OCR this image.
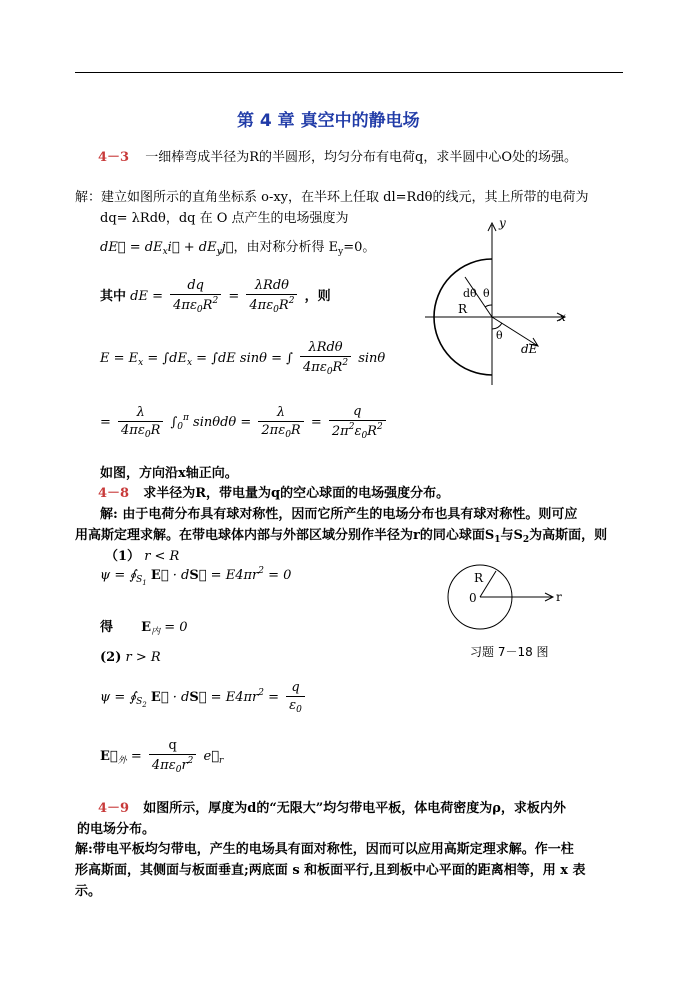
第 4 章 真空中的静电场
4－3 一细棒弯成半径为R的半圆形，均匀分布有电荷q，求半圆中心O处的场强。
解：建立如图所示的直角坐标系 o-xy，在半环上任取 dl=Rdθ的线元，其上所带的电荷为
dq= λRdθ，dq 在 O 点产生的电场强度为
dE⃗ = $dE_xi⃗$ + $dE_yj⃗$，由对称分析得 $E_y=0$。
其中 dE = $\frac{dq}{4\pi\varepsilon_0R^2} = \frac{\text{λRdθ}}{4\pi\varepsilon_0R^2}$ ，则
$E = E_x = \int dE_x = \int dE$ sinθ = ∫ $\frac{\text{λRdθ}}{4\pi\varepsilon_0R^2}$ sinθ
= $\frac{\lambda}{4\pi\varepsilon_0R} \int_0^\pi$ $\sin\theta d\theta = \frac{\lambda}{2\pi\varepsilon_0R} = \frac{q}{2\pi^2\varepsilon_0R^2}$
如图，方向沿x轴正向。
y
x
R
dθ θ
θ
dE
4－8 求半径为R，带电量为q的空心球面的电场强度分布。
解: 由于电荷分布具有球对称性，因而它所产生的电场分布也具有球对称性。则可应
用高斯定理求解。在带电球体内部与外部区域分别作半径为r的同心球面$S_1$与$S_2$为高斯面，则
（1） r < R
$\psi = ∮_{S_1}$ E⃗ · dS⃗ = $E4\pi r^2 = 0$
得 $E_内 = 0$
(2) r > R
$\psi = ∮_{S_2}$ E⃗ · dS⃗ = $E4\pi r^2 = \frac{q}{\varepsilon_0}$
$E⃗_外 = \frac{q}{4\pi\varepsilon_0r^2}$ $e⃗_r$
R
0	r
习题 7－18 图
4－9 如图所示，厚度为d的“无限大”均匀带电平板，体电荷密度为ρ，求板内外
的电场分布。
解:带电平板均匀带电，产生的电场具有面对称性，因而可以应用高斯定理求解。作一柱
形高斯面，其侧面与板面垂直;两底面 s 和板面平行,且到板中心平面的距离相等，用 x 表
示。
